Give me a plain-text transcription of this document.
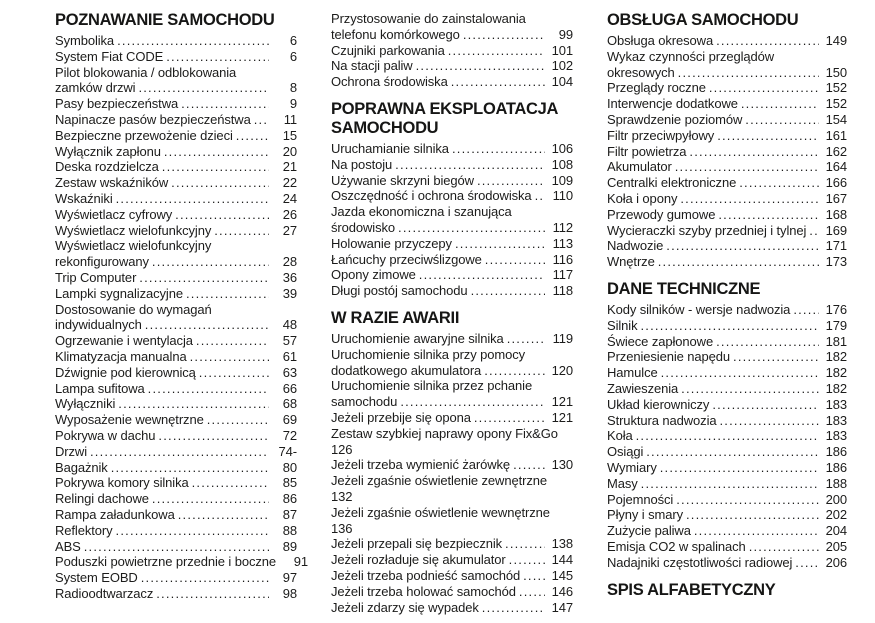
POZNAWANIE SAMOCHODU
Symbolika .....	6
System Fiat CODE .....	6
Pilot blokowania / odblokowania
zamków drzwi .....	8
Pasy bezpieczeństwa .....	9
Napinacze pasów bezpieczeństwa .....	11
Bezpieczne przewożenie dzieci .....	15
Wyłącznik zapłonu .....	20
Deska rozdzielcza .....	21
Zestaw wskaźników .....	22
Wskaźniki .....	24
Wyświetlacz cyfrowy .....	26
Wyświetlacz wielofunkcyjny .....	27
Wyświetlacz wielofunkcyjny
rekonfigurowany .....	28
Trip Computer .....	36
Lampki sygnalizacyjne .....	39
Dostosowanie do wymagań
indywidualnych .....	48
Ogrzewanie i wentylacja .....	57
Klimatyzacja manualna .....	61
Dźwignie pod kierownicą .....	63
Lampa sufitowa .....	66
Wyłączniki .....	68
Wyposażenie wewnętrzne .....	69
Pokrywa w dachu .....	72
Drzwi .....	74-
Bagażnik .....	80
Pokrywa komory silnika .....	85
Relingi dachowe .....	86
Rampa załadunkowa .....	87
Reflektory .....	88
ABS .....	89
Poduszki powietrzne przednie i boczne	91
System EOBD .....	97
Radioodtwarzacz .....	98
Przystosowanie do zainstalowania
telefonu komórkowego .....	99
Czujniki parkowania .....	101
Na stacji paliw .....	102
Ochrona środowiska .....	104
POPRAWNA EKSPLOATACJA SAMOCHODU
Uruchamianie silnika .....	106
Na postoju .....	108
Używanie skrzyni biegów .....	109
Oszczędność i ochrona środowiska ..... 110
Jazda ekonomiczna i szanująca
środowisko .....	112
Holowanie przyczepy .....	113
Łańcuchy przeciwślizgowe .....	116
Opony zimowe .....	117
Długi postój samochodu .....	118
W RAZIE AWARII
Uruchomienie awaryjne silnika .....	119
Uruchomienie silnika przy pomocy
dodatkowego akumulatora .....	120
Uruchomienie silnika przez pchanie
samochodu .....	121
Jeżeli przebije się opona .....	121
Zestaw szybkiej naprawy opony Fix&Go
126
Jeżeli trzeba wymienić żarówkę .....	130
Jeżeli zgaśnie oświetlenie zewnętrzne
132
Jeżeli zgaśnie oświetlenie wewnętrzne
136
Jeżeli przepali się bezpiecznik .....	138
Jeżeli rozładuje się akumulator .....	144
Jeżeli trzeba podnieść samochód ..... 145
Jeżeli trzeba holować samochód .....	146
Jeżeli zdarzy się wypadek .....	147
OBSŁUGA SAMOCHODU
Obsługa okresowa .....	149
Wykaz czynności przeglądów
okresowych .....	150
Przeglądy roczne .....	152
Interwencje dodatkowe .....	152
Sprawdzenie poziomów .....	154
Filtr przeciwpyłowy .....	161
Filtr powietrza .....	162
Akumulator .....	164
Centralki elektroniczne .....	166
Koła i opony .....	167
Przewody gumowe .....	168
Wycieraczki szyby przedniej i tylnej ..... 169
Nadwozie .....	171
Wnętrze .....	173
DANE TECHNICZNE
Kody silników - wersje nadwozia .....	176
Silnik .....	179
Świece zapłonowe .....	181
Przeniesienie napędu .....	182
Hamulce .....	182
Zawieszenia .....	182
Układ kierowniczy .....	183
Struktura nadwozia .....	183
Koła .....	183
Osiągi .....	186
Wymiary .....	186
Masy .....	188
Pojemności .....	200
Płyny i smary .....	202
Zużycie paliwa .....	204
Emisja CO2 w spalinach .....	205
Nadajniki częstotliwości radiowej .....	206
SPIS ALFABETYCZNY
